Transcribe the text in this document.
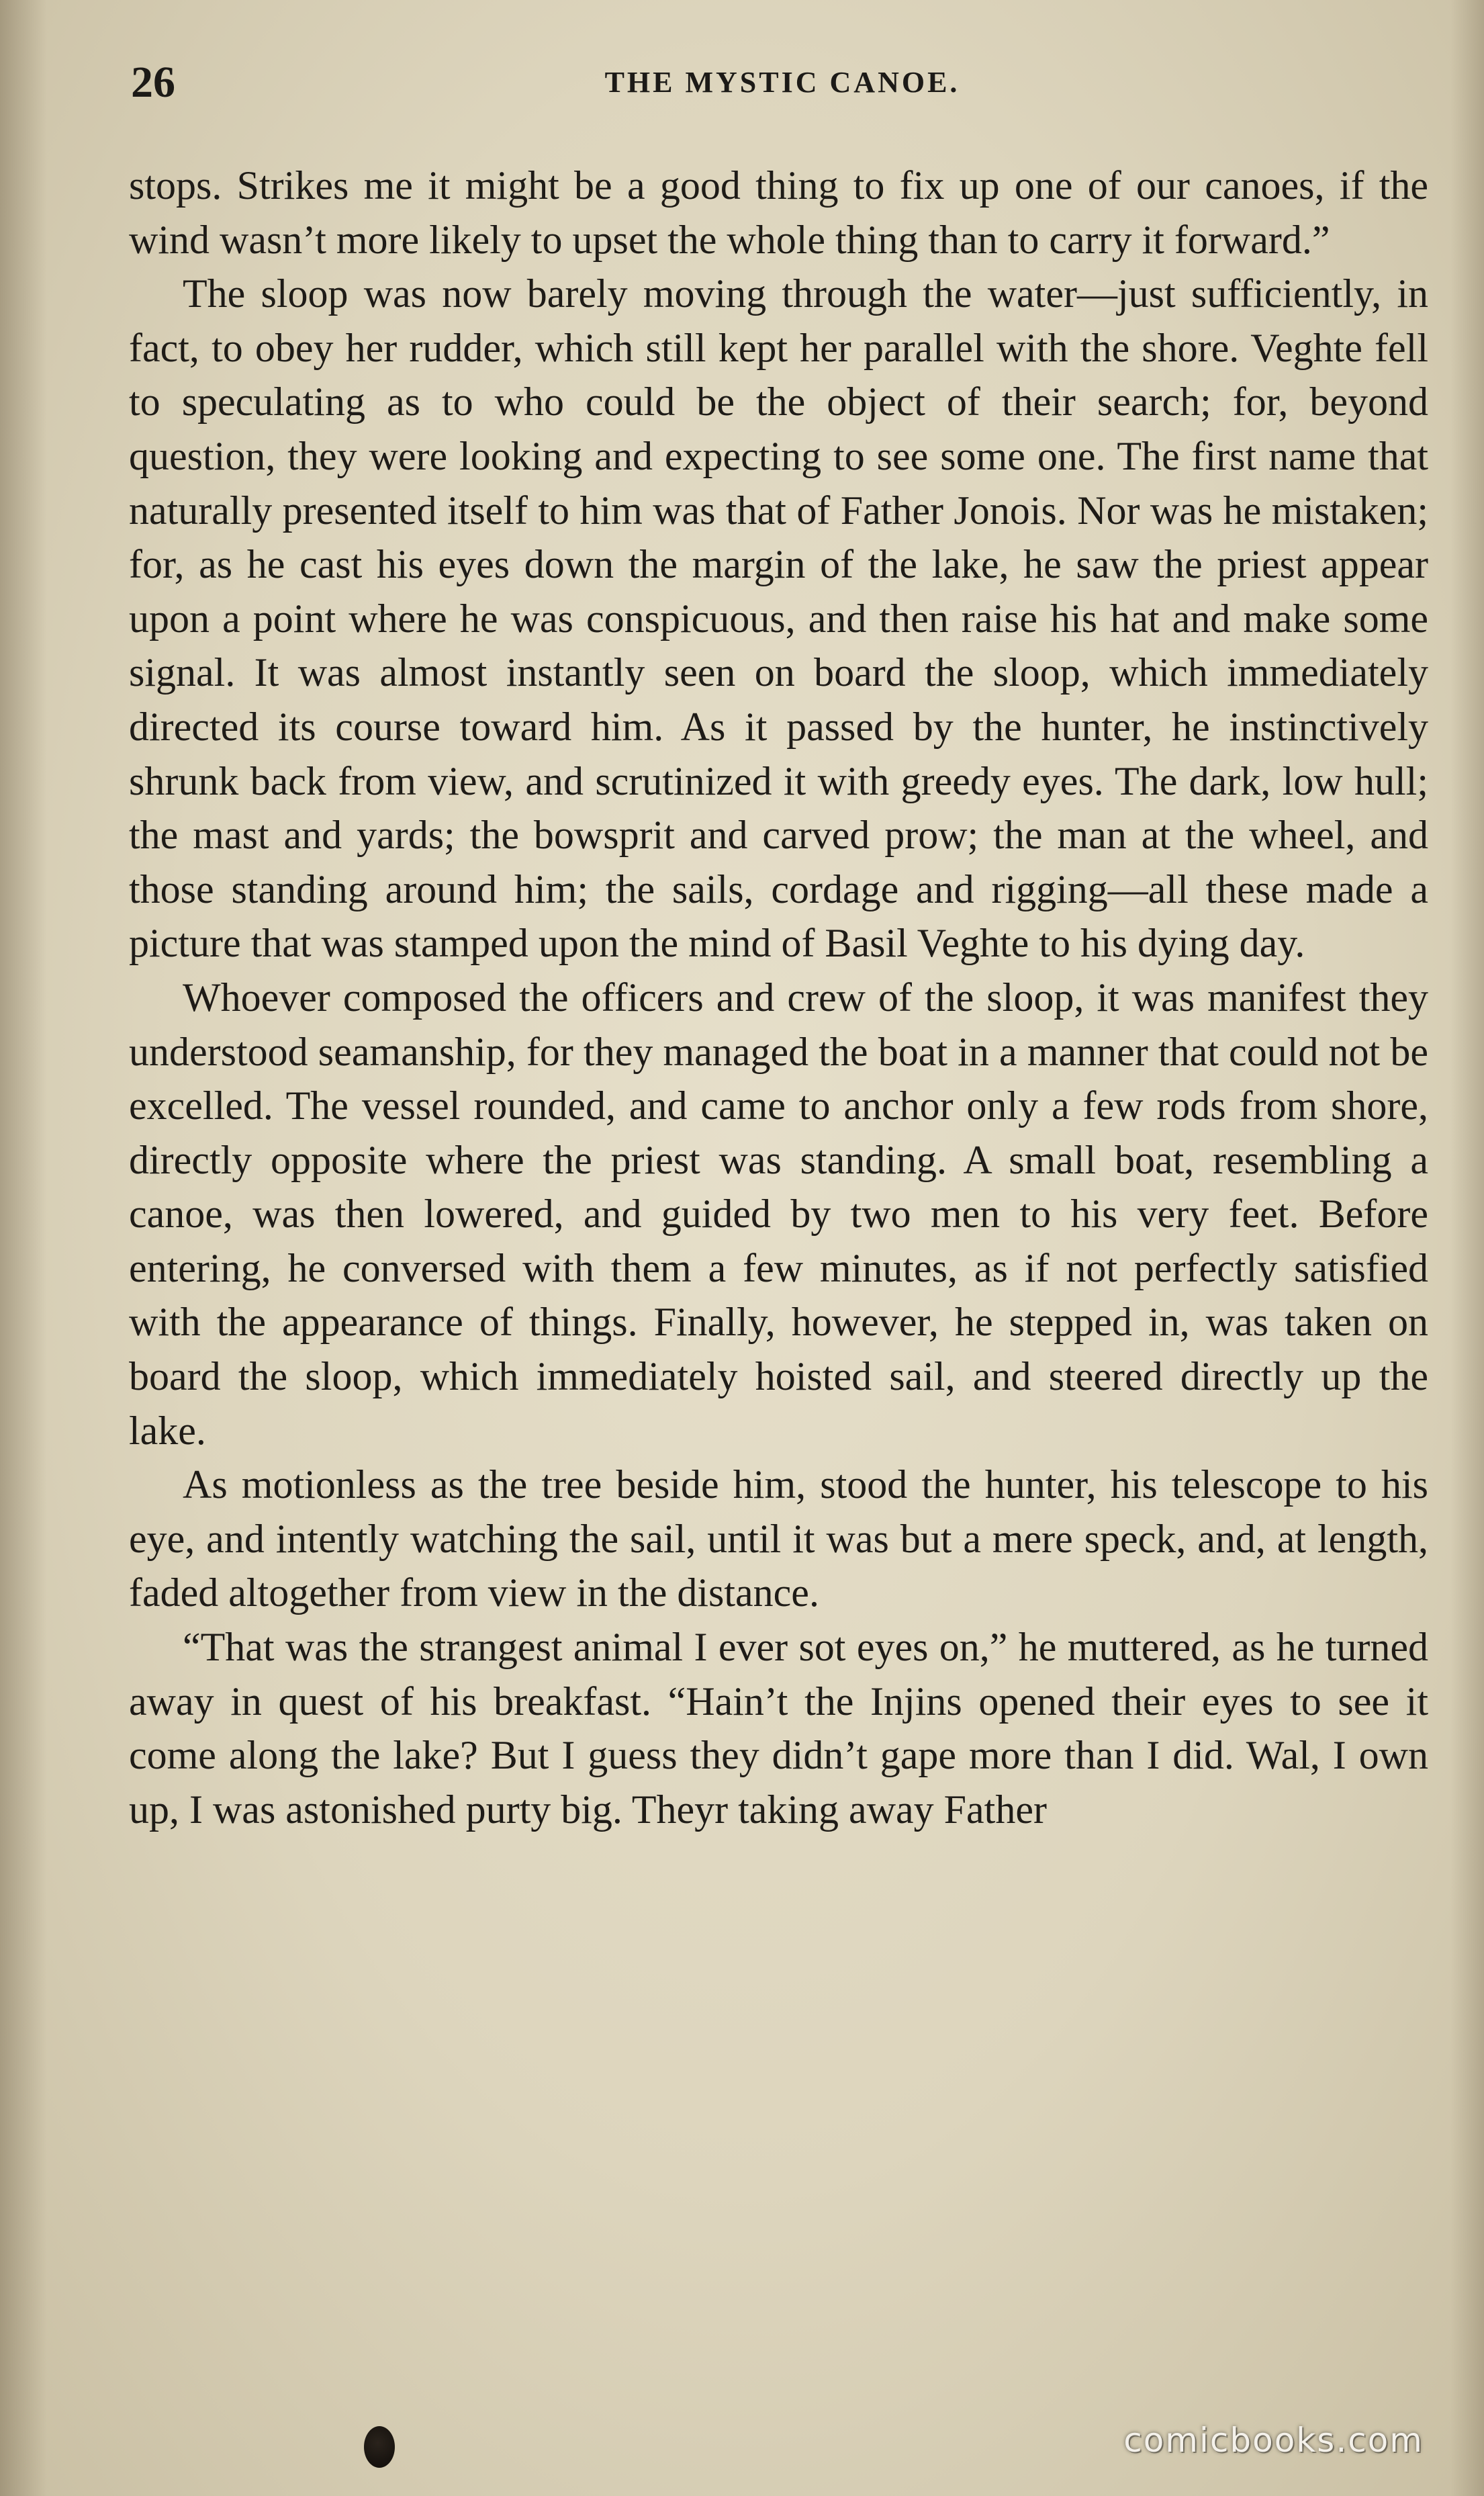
26	THE MYSTIC CANOE.

stops. Strikes me it might be a good thing to fix up one of our canoes, if the wind wasn’t more likely to upset the whole thing than to carry it forward.”

The sloop was now barely moving through the water—just sufficiently, in fact, to obey her rudder, which still kept her parallel with the shore. Veghte fell to speculating as to who could be the object of their search; for, beyond question, they were looking and expecting to see some one. The first name that naturally presented itself to him was that of Father Jonois. Nor was he mistaken; for, as he cast his eyes down the margin of the lake, he saw the priest appear upon a point where he was conspicuous, and then raise his hat and make some signal. It was almost instantly seen on board the sloop, which immediately directed its course toward him. As it passed by the hunter, he instinctively shrunk back from view, and scrutinized it with greedy eyes. The dark, low hull; the mast and yards; the bowsprit and carved prow; the man at the wheel, and those standing around him; the sails, cordage and rigging—all these made a picture that was stamped upon the mind of Basil Veghte to his dying day.

Whoever composed the officers and crew of the sloop, it was manifest they understood seamanship, for they managed the boat in a manner that could not be excelled. The vessel rounded, and came to anchor only a few rods from shore, directly opposite where the priest was standing. A small boat, resembling a canoe, was then lowered, and guided by two men to his very feet. Before entering, he conversed with them a few minutes, as if not perfectly satisfied with the appearance of things. Finally, however, he stepped in, was taken on board the sloop, which immediately hoisted sail, and steered directly up the lake.

As motionless as the tree beside him, stood the hunter, his telescope to his eye, and intently watching the sail, until it was but a mere speck, and, at length, faded altogether from view in the distance.

“That was the strangest animal I ever sot eyes on,” he muttered, as he turned away in quest of his breakfast. “Hain’t the Injins opened their eyes to see it come along the lake? But I guess they didn’t gape more than I did. Wal, I own up, I was astonished purty big. Theyr taking away Father

comicbooks.com
